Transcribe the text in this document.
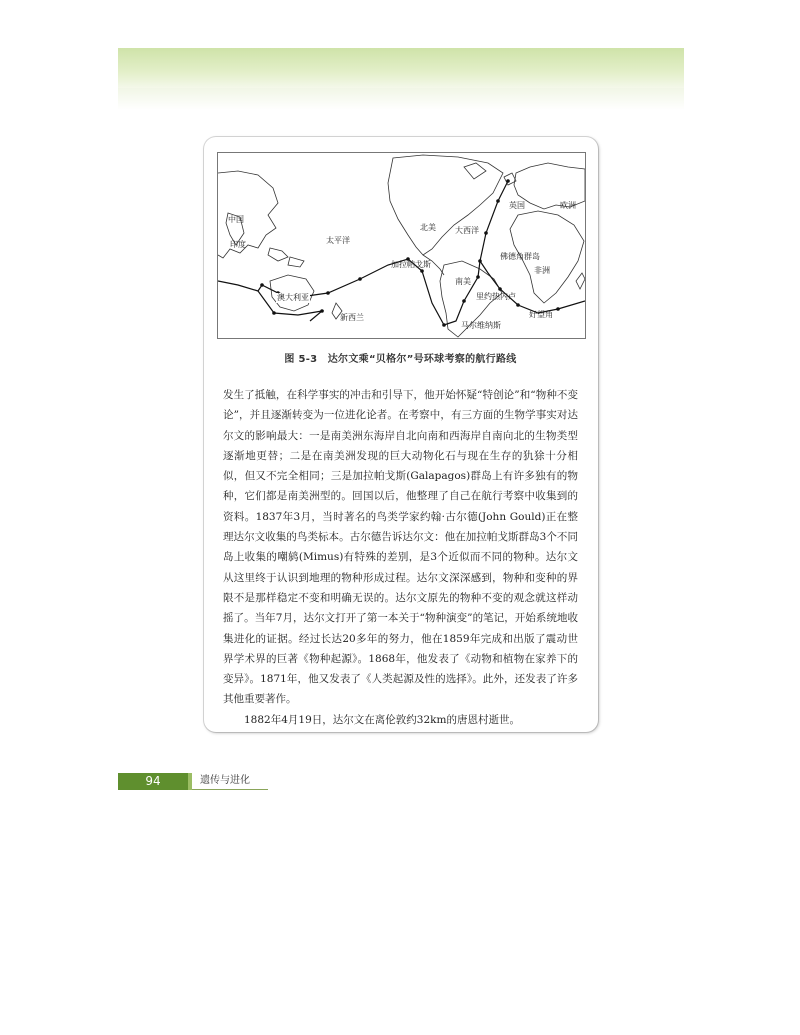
中国
欧洲
英国
印度	太平洋
北美 大西洋
佛德角群岛
加拉帕戈斯
非洲
南美
澳大利亚	里约热内卢
新西兰	好望角
马尔维纳斯
图 5-3　达尔文乘“贝格尔”号环球考察的航行路线

发生了抵触，在科学事实的冲击和引导下，他开始怀疑“特创论”和“物种不变论”，并且逐渐转变为一位进化论者。在考察中，有三方面的生物学事实对达尔文的影响最大：一是南美洲东海岸自北向南和西海岸自南向北的生物类型逐渐地更替；二是在南美洲发现的巨大动物化石与现在生存的犰狳十分相似，但又不完全相同；三是加拉帕戈斯(Galapagos)群岛上有许多独有的物种，它们都是南美洲型的。回国以后，他整理了自己在航行考察中收集到的资料。1837年3月，当时著名的鸟类学家约翰·古尔德(John Gould)正在整理达尔文收集的鸟类标本。古尔德告诉达尔文：他在加拉帕戈斯群岛3个不同岛上收集的嘲鸫(Mimus)有特殊的差别，是3个近似而不同的物种。达尔文从这里终于认识到地理的物种形成过程。达尔文深深感到，物种和变种的界限不是那样稳定不变和明确无误的。达尔文原先的物种不变的观念就这样动摇了。当年7月，达尔文打开了第一本关于“物种演变”的笔记，开始系统地收集进化的证据。经过长达20多年的努力，他在1859年完成和出版了震动世界学术界的巨著《物种起源》。1868年，他发表了《动物和植物在家养下的变异》。1871年，他又发表了《人类起源及性的选择》。此外，还发表了许多其他重要著作。

1882年4月19日，达尔文在离伦敦约32km的唐恩村逝世。

94	遗传与进化
